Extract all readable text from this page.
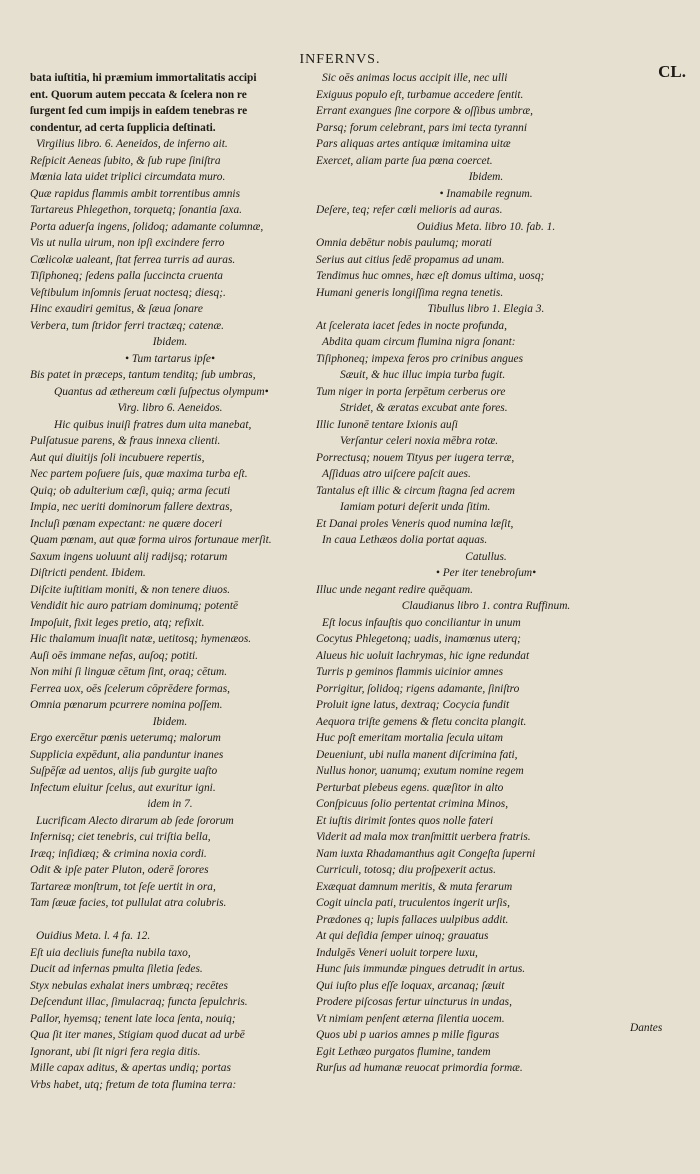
INFERNVS.
CL.
bata iuſtitia, hi præmium immortalitatis accipi
ent. Quorum autem peccata & ſcelera non re
ſurgent ſed cum impijs in eaſdem tenebras re
condentur, ad certa ſupplicia deſtinati.
Virgilius libro. 6. Aeneidos, de inferno ait.
Reſpicit Aeneas ſubito, & ſub rupe ſiniſtra
Mœnia lata uidet triplici circumdata muro.
Quæ rapidus flammis ambit torrentibus amnis
Tartareus Phlegethon, torquetq; ſonantia ſaxa.
Porta aduerſa ingens, ſolidoq; adamante columnæ,
Vis ut nulla uirum, non ipſi excindere ferro
Cœlicolæ ualeant, ſtat ferrea turris ad auras.
Tiſiphoneq; ſedens palla ſuccincta cruenta
Veſtibulum inſomnis ſeruat noctesq; diesq;.
Hinc exaudiri gemitus, & ſæua ſonare
Verbera, tum ſtridor ferri tractæq; catenæ.
Ibidem.
• Tum tartarus ipſe•
Bis patet in præceps, tantum tenditq; ſub umbras,
Quantus ad æthereum cœli ſuſpectus olympum•
Virg. libro 6. Aeneidos.
Hic quibus inuiſi fratres dum uita manebat,
Pulſatusue parens, & fraus innexa clienti.
Aut qui diuitijs ſoli incubuere repertis,
Nec partem poſuere ſuis, quæ maxima turba eſt.
Quiq; ob adulterium cæſi, quiq; arma ſecuti
Impia, nec ueriti dominorum fallere dextras,
Incluſi pœnam expectant: ne quære doceri
Quam pœnam, aut quæ forma uiros fortunaue merſit.
Saxum ingens uoluunt alij radijsq; rotarum
Diſtricti pendent. Ibidem.
Diſcite iuſtitiam moniti, & non tenere diuos.
Vendidit hic auro patriam dominumq; potentē
Impoſuit, fixit leges pretio, atq; refixit.
Hic thalamum inuaſit natæ, uetitosq; hymenæos.
Auſi oēs immane nefas, auſoq; potiti.
Non mihi ſi linguæ cētum ſint, oraq; cētum.
Ferrea uox, oēs ſcelerum cōprēdere formas,
Omnia pœnarum pcurrere nomina poſſem.
Ibidem.
Ergo exercētur pœnis ueterumq; malorum
Supplicia expēdunt, alia panduntur inanes
Suſpēſæ ad uentos, alijs ſub gurgite uaſto
Infectum eluitur ſcelus, aut exuritur igni.
idem in 7.
Lucrificam Alecto dirarum ab ſede ſororum
Infernisq; ciet tenebris, cui triſtia bella,
Iræq; inſidiæq; & crimina noxia cordi.
Odit & ipſe pater Pluton, oderē ſorores
Tartareæ monſtrum, tot ſeſe uertit in ora,
Tam ſæuæ facies, tot pullulat atra colubris.
Ouidius Meta. l. 4 fa. 12.
Eſt uia decliuis funeſta nubila taxo,
Ducit ad infernas pmulta ſiletia ſedes.
Styx nebulas exhalat iners umbræq; recētes
Deſcendunt illac, ſimulacraq; functa ſepulchris.
Pallor, hyemsq; tenent late loca ſenta, nouiq;
Qua ſit iter manes, Stigiam quod ducat ad urbē
Ignorant, ubi ſit nigri fera regia ditis.
Mille capax aditus, & apertas undiq; portas
Vrbs habet, utq; fretum de tota flumina terra:
Sic oēs animas locus accipit ille, nec ulli
Exiguus populo eſt, turbamue accedere ſentit.
Errant exangues ſine corpore & oſſibus umbræ,
Parsq; forum celebrant, pars imi tecta tyranni
Pars aliquas artes antiquæ imitamina uitæ
Exercet, aliam parte ſua pœna coercet.
Ibidem.
• Inamabile regnum.
Deſere, teq; refer cœli melioris ad auras.
Ouidius Meta. libro 10. fab. 1.
Omnia debētur nobis paulumq; morati
Serius aut citius ſedē propamus ad unam.
Tendimus huc omnes, hæc eſt domus ultima, uosq;
Humani generis longiſſima regna tenetis.
Tibullus libro 1. Elegia 3.
At ſcelerata iacet ſedes in nocte profunda,
Abdita quam circum flumina nigra ſonant:
Tiſiphoneq; impexa feros pro crinibus angues
Sæuit, & huc illuc impia turba fugit.
Tum niger in porta ſerpētum cerberus ore
Stridet, & æratas excubat ante fores.
Illic Iunonē tentare Ixionis auſi
Verſantur celeri noxia mēbra rotæ.
Porrectusq; nouem Tityus per iugera terræ,
Aſſiduas atro uiſcere paſcit aues.
Tantalus eſt illic & circum ſtagna ſed acrem
Iamiam poturi deſerit unda ſitim.
Et Danai proles Veneris quod numina læſit,
In caua Lethæos dolia portat aquas.
Catullus.
• Per iter tenebroſum•
Illuc unde negant redire quēquam.
Claudianus libro 1. contra Ruffinum.
Eſt locus infauſtis quo conciliantur in unum
Cocytus Phlegetonq; uadis, inamœnus uterq;
Alueus hic uoluit lachrymas, hic igne redundat
Turris p geminos flammis uicinior amnes
Porrigitur, ſolidoq; rigens adamante, ſiniſtro
Proluit igne latus, dextraq; Cocycia fundit
Aequora triſte gemens & fletu concita plangit.
Huc poſt emeritam mortalia ſecula uitam
Deueniunt, ubi nulla manent diſcrimina fati,
Nullus honor, uanumq; exutum nomine regem
Perturbat plebeus egens. quæſitor in alto
Conſpicuus ſolio pertentat crimina Minos,
Et iuſtis dirimit ſontes quos nolle fateri
Viderit ad mala mox tranſmittit uerbera fratris.
Nam iuxta Rhadamanthus agit Congeſta ſuperni
Curriculi, totosq; diu proſpexerit actus.
Exæquat damnum meritis, & muta ferarum
Cogit uincla pati, truculentos ingerit urſis,
Prædones q; lupis fallaces uulpibus addit.
At qui deſidia ſemper uinoq; grauatus
Indulgēs Veneri uoluit torpere luxu,
Hunc ſuis immundæ pingues detrudit in artus.
Qui iuſto plus eſſe loquax, arcanaq; ſæuit
Prodere piſcosas fertur uincturus in undas,
Vt nimiam penſent æterna ſilentia uocem.
Quos ubi p uarios amnes p mille figuras
Egit Lethæo purgatos flumine, tandem
Rurſus ad humanæ reuocat primordia formæ.
Dantes
